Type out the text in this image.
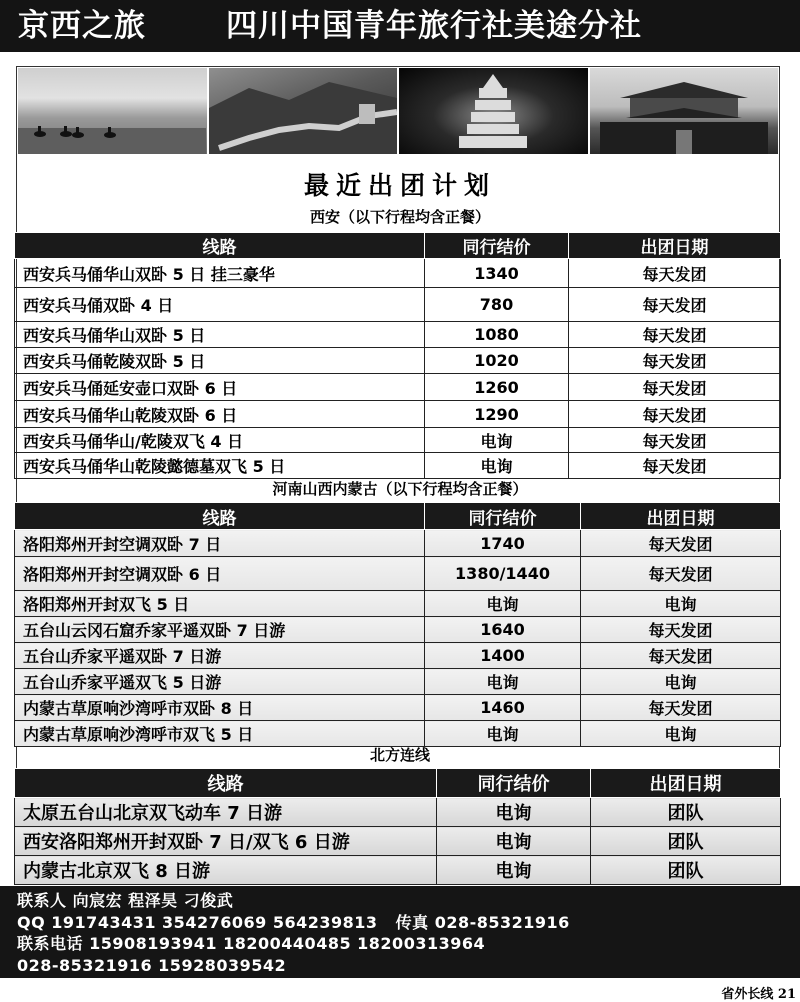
京西之旅	四川中国青年旅行社美途分社
最近出团计划
西安（以下行程均含正餐）
线路	同行结价	出团日期
西安兵马俑华山双卧 5 日 挂三豪华	1340	每天发团
西安兵马俑双卧 4 日	780	每天发团
西安兵马俑华山双卧 5 日	1080	每天发团
西安兵马俑乾陵双卧 5 日	1020	每天发团
西安兵马俑延安壶口双卧 6 日	1260	每天发团
西安兵马俑华山乾陵双卧 6 日	1290	每天发团
西安兵马俑华山/乾陵双飞 4 日	电询	每天发团
西安兵马俑华山乾陵懿德墓双飞 5 日	电询	每天发团
河南山西内蒙古（以下行程均含正餐）
线路	同行结价	出团日期
洛阳郑州开封空调双卧 7 日	1740	每天发团
洛阳郑州开封空调双卧 6 日	1380/1440	每天发团
洛阳郑州开封双飞 5 日	电询	电询
五台山云冈石窟乔家平遥双卧 7 日游	1640	每天发团
五台山乔家平遥双卧 7 日游	1400	每天发团
五台山乔家平遥双飞 5 日游	电询	电询
内蒙古草原响沙湾呼市双卧 8 日	1460	每天发团
内蒙古草原响沙湾呼市双飞 5 日	电询	电询
北方连线
线路	同行结价	出团日期
太原五台山北京双飞动车 7 日游	电询	团队
西安洛阳郑州开封双卧 7 日/双飞 6 日游	电询	团队
内蒙古北京双飞 8 日游	电询	团队
联系人 向宸宏 程泽昊 刁俊武
QQ 191743431 354276069 564239813 传真 028-85321916
联系电话 15908193941 18200440485 18200313964
028-85321916 15928039542
省外长线 21
